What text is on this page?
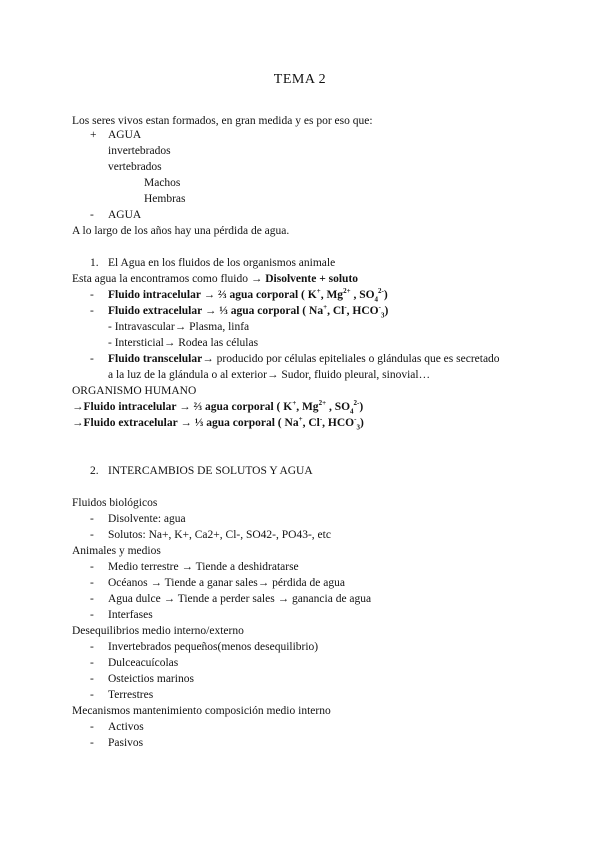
TEMA 2
Los seres vivos estan formados, en gran medida y es por eso que:
+ AGUA
invertebrados
vertebrados
Machos
Hembras
- AGUA
A lo largo de los años hay una pérdida de agua.
1. El Agua en los fluidos de los organismos animale
Esta agua la encontramos como fluido → Disolvente + soluto
- Fluido intracelular → ⅔ agua corporal ( K+, $Mg^{2+}$ , $SO_4^{2-}$)
- Fluido extracelular → ⅓ agua corporal ( Na+, Cl-, $HCO^-_3$)
- Intravascular→ Plasma, linfa
- Intersticial→ Rodea las células
- Fluido transcelular→ producido por células epiteliales o glándulas que es secretado
a la luz de la glándula o al exterior→ Sudor, fluido pleural, sinovial…
ORGANISMO HUMANO
→Fluido intracelular → ⅔ agua corporal ( K+, $Mg^{2+}$ , $SO_4^{2-}$)
→Fluido extracelular → ⅓ agua corporal ( Na+, Cl-, $HCO^-_3$)
2. INTERCAMBIOS DE SOLUTOS Y AGUA
Fluidos biológicos
- Disolvente: agua
- Solutos: Na+, K+, Ca2+, Cl-, SO42-, PO43-, etc
Animales y medios
- Medio terrestre → Tiende a deshidratarse
- Océanos → Tiende a ganar sales→ pérdida de agua
- Agua dulce → Tiende a perder sales → ganancia de agua
- Interfases
Desequilibrios medio interno/externo
- Invertebrados pequeños(menos desequilibrio)
- Dulceacuícolas
- Osteictios marinos
- Terrestres
Mecanismos mantenimiento composición medio interno
- Activos
- Pasivos
